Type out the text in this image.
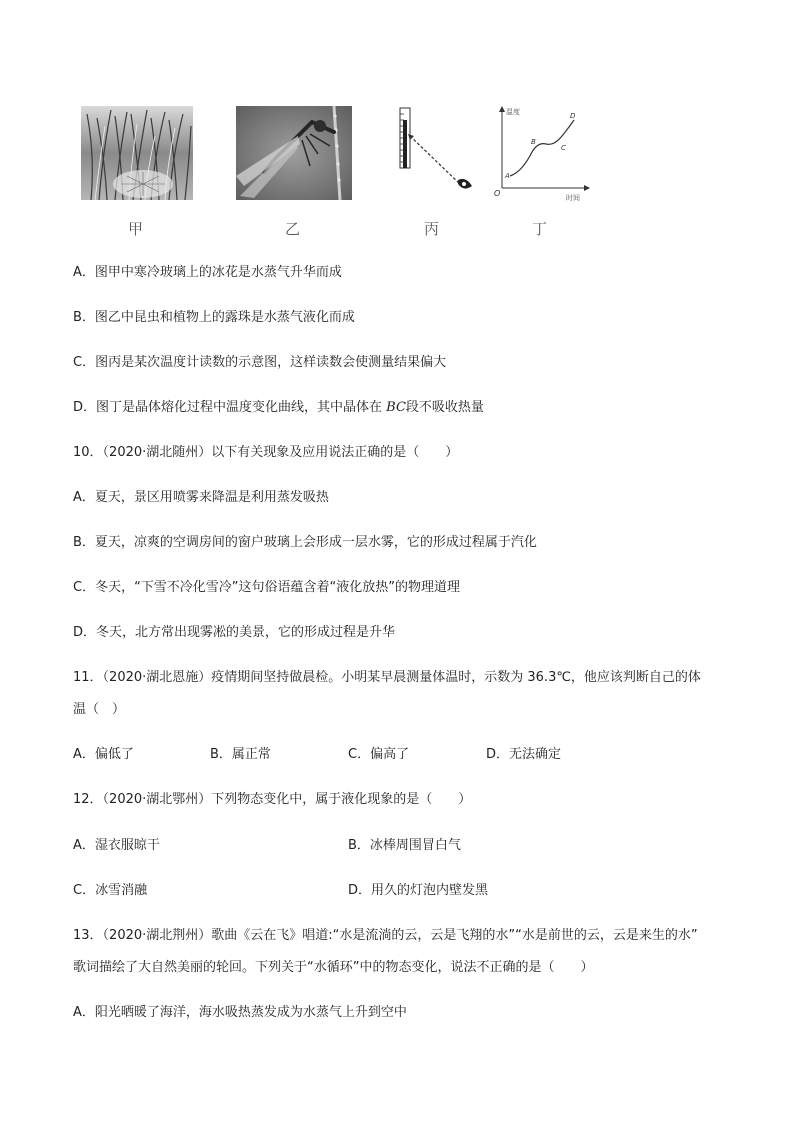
温度
时间
O
A
B
C
D
甲	乙	丙	丁
A．图甲中寒冷玻璃上的冰花是水蒸气升华而成
B．图乙中昆虫和植物上的露珠是水蒸气液化而成
C．图丙是某次温度计读数的示意图，这样读数会使测量结果偏大
D．图丁是晶体熔化过程中温度变化曲线，其中晶体在 BC段不吸收热量
10．（2020·湖北随州）以下有关现象及应用说法正确的是（　　）
A．夏天，景区用喷雾来降温是利用蒸发吸热
B．夏天，凉爽的空调房间的窗户玻璃上会形成一层水雾，它的形成过程属于汽化
C．冬天，“下雪不冷化雪冷”这句俗语蕴含着“液化放热”的物理道理
D．冬天，北方常出现雾凇的美景，它的形成过程是升华
11．（2020·湖北恩施）疫情期间坚持做晨检。小明某早晨测量体温时，示数为 36.3℃，他应该判断自己的体
温（　）
A．偏低了	B．属正常	C．偏高了	D．无法确定
12．（2020·湖北鄂州）下列物态变化中，属于液化现象的是（　　）
A．湿衣服晾干	B．冰棒周围冒白气
C．冰雪消融	D．用久的灯泡内壁发黑
13．（2020·湖北荆州）歌曲《云在飞》唱道:“水是流淌的云，云是飞翔的水”“水是前世的云，云是来生的水”
歌词描绘了大自然美丽的轮回。下列关于“水循环”中的物态变化，说法不正确的是（　　）
A．阳光晒暖了海洋，海水吸热蒸发成为水蒸气上升到空中
